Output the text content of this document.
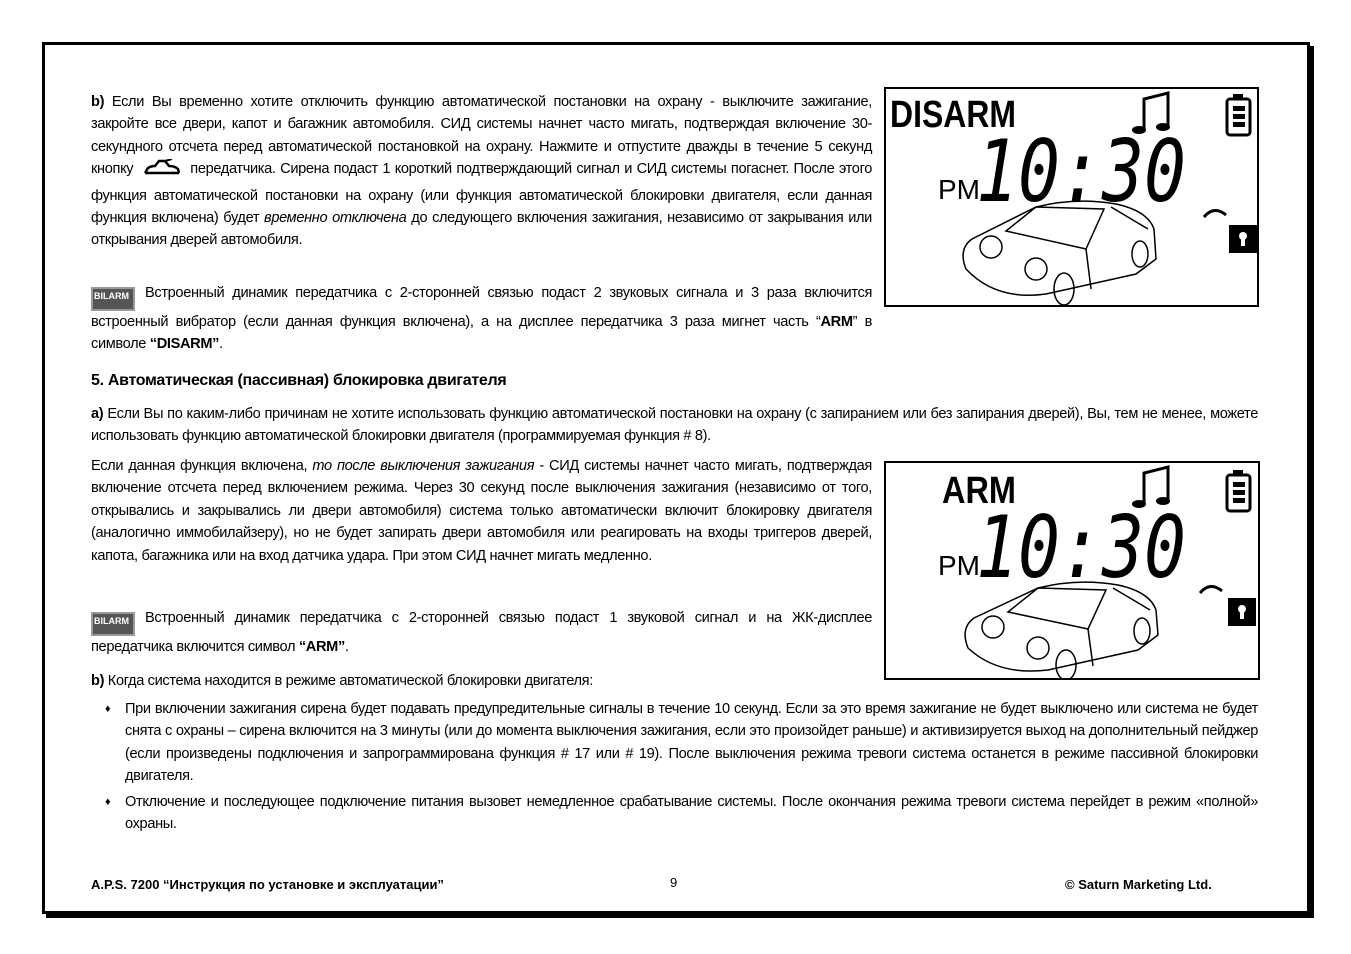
b) Если Вы временно хотите отключить функцию автоматической постановки на охрану - выключите зажигание, закройте все двери, капот и багажник автомобиля. СИД системы начнет часто мигать, подтверждая включение 30-секундного отсчета перед автоматической постановкой на охрану. Нажмите и отпустите дважды в течение 5 секунд кнопку	передатчика. Сирена подаст 1 короткий подтверждающий сигнал и СИД системы погаснет. После этого функция автоматической постановки на охрану (или функция автоматической блокировки двигателя, если данная функция включена) будет временно отключена до следующего включения зажигания, независимо от закрывания или открывания дверей автомобиля.
BILARM Встроенный динамик передатчика с 2-сторонней связью подаст 2 звуковых сигнала и 3 раза включится встроенный вибратор (если данная функция включена), а на дисплее передатчика 3 раза мигнет часть “ARM” в символе “DISARM”.
DISARM
PM
10:30
5. Автоматическая (пассивная) блокировка двигателя
a) Если Вы по каким-либо причинам не хотите использовать функцию автоматической постановки на охрану (с запиранием или без запирания дверей), Вы, тем не менее, можете использовать функцию автоматической блокировки двигателя (программируемая функция # 8).
Если данная функция включена, то после выключения зажигания - СИД системы начнет часто мигать, подтверждая включение отсчета перед включением режима. Через 30 секунд после выключения зажигания (независимо от того, открывались и закрывались ли двери автомобиля) система только автоматически включит блокировку двигателя (аналогично иммобилайзеру), но не будет запирать двери автомобиля или реагировать на входы триггеров дверей, капота, багажника или на вход датчика удара. При этом СИД начнет мигать медленно.
BILARM Встроенный динамик передатчика с 2-сторонней связью подаст 1 звуковой сигнал и на ЖК-дисплее передатчика включится символ “ARM”.
ARM
PM
10:30
b) Когда система находится в режиме автоматической блокировки двигателя:
♦ При включении зажигания сирена будет подавать предупредительные сигналы в течение 10 секунд. Если за это время зажигание не будет выключено или система не будет снята с охраны – сирена включится на 3 минуты (или до момента выключения зажигания, если это произойдет раньше) и активизируется выход на дополнительный пейджер (если произведены подключения и запрограммирована функция # 17 или # 19). После выключения режима тревоги система останется в режиме пассивной блокировки двигателя.
♦ Отключение и последующее подключение питания вызовет немедленное срабатывание системы. После окончания режима тревоги система перейдет в режим «полной» охраны.
A.P.S. 7200 “Инструкция по установке и эксплуатации”	9	© Saturn Marketing Ltd.
